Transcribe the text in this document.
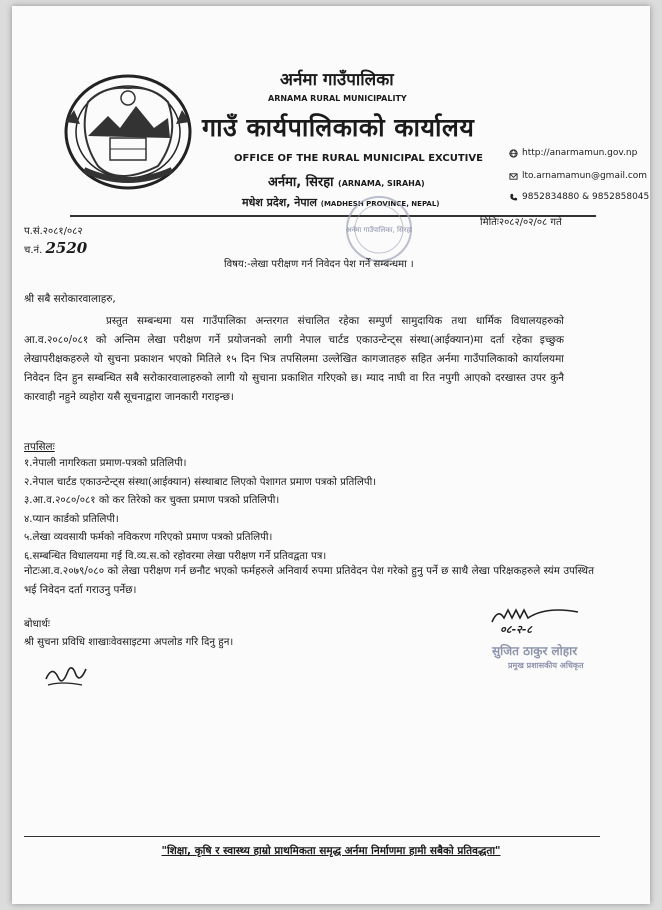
अर्नमा गाउँपालिका
ARNAMA RURAL MUNICIPALITY
गाउँ कार्यपालिकाको कार्यालय
OFFICE OF THE RURAL MUNICIPAL EXCUTIVE
अर्नमा, सिरहा (ARNAMA, SIRAHA)
मधेश प्रदेश, नेपाल (MADHESH PROVINCE, NEPAL)
http://anarmamun.gov.np
lto.arnamamun@gmail.com
9852834880 & 9852858045
अर्नमा गाउँपालिका, सिरहा
प.सं.२०८१/०८२
च.नं. 2520
मितिः२०८२/०२/०८ गते
विषय:-लेखा परीक्षण गर्न निवेदन पेश गर्ने सम्बन्धमा ।
श्री सबै सरोकारवालाहरु,
प्रस्तुत सम्बन्धमा यस गाउँपालिका अन्तरगत संचालित रहेका सम्पुर्ण सामुदायिक तथा धार्मिक विधालयहरुको आ.व.२०८०/०८१ को अन्तिम लेखा परीक्षण गर्ने प्रयोजनको लागी नेपाल चार्टड एकाउन्टेन्ट्स संस्था(आईक्यान)मा दर्ता रहेका इच्छुक लेखापरीक्षकहरुले यो सुचना प्रकाशन भएको मितिले १५ दिन भित्र तपसिलमा उल्लेखित कागजातहरु सहित अर्नमा गाउँपालिकाको कार्यालयमा निवेदन दिन हुन सम्बन्धित सबै सरोकारवालाहरुको लागी यो सुचाना प्रकाशित गरिएको छ। म्याद नाघी वा रित नपुगी आएको दरखास्त उपर कुनै कारवाही नहुने व्यहोरा यसै सूचनाद्वारा जानकारी गराइन्छ।
तपसिलः
१.नेपाली नागरिकता प्रमाण-पत्रको प्रतिलिपी।
२.नेपाल चार्टड एकाउन्टेन्ट्स संस्था(आईक्यान) संस्थाबाट लिएको पेशागत प्रमाण पत्रको प्रतिलिपी।
३.आ.व.२०८०/०८१ को कर तिरेको कर चुक्ता प्रमाण पत्रको प्रतिलिपी।
४.प्यान कार्डको प्रतिलिपी।
५.लेखा व्यवसायी फर्मको नविकरण गरिएको प्रमाण पत्रको प्रतिलिपी।
६.सम्बन्धित विधालयमा गई वि.व्य.स.को रहोवरमा लेखा परीक्षण गर्ने प्रतिवद्वता पत्र।
नोटःआ.व.२०७९/०८० को लेखा परीक्षण गर्न छनौट भएको फर्महरुले अनिवार्य रुपमा प्रतिवेदन पेश गरेको हुनु पर्ने छ साथै लेखा परिक्षकहरुले स्यंम उपस्थित भई निवेदन दर्ता गराउनु पर्नेछ।
बोधार्थः
श्री सुचना प्रविधि शाखाःवेवसाइटमा अपलोड गरि दिनु हुन।
०८-२-८
सुजित ठाकुर लोहार
प्रमुख प्रशासकीय अधिकृत
"शिक्षा, कृषि र स्वास्थ्य हाम्रो प्राथमिकता समृद्ध अर्नमा निर्माणमा हामी सबैको प्रतिवद्धता"
